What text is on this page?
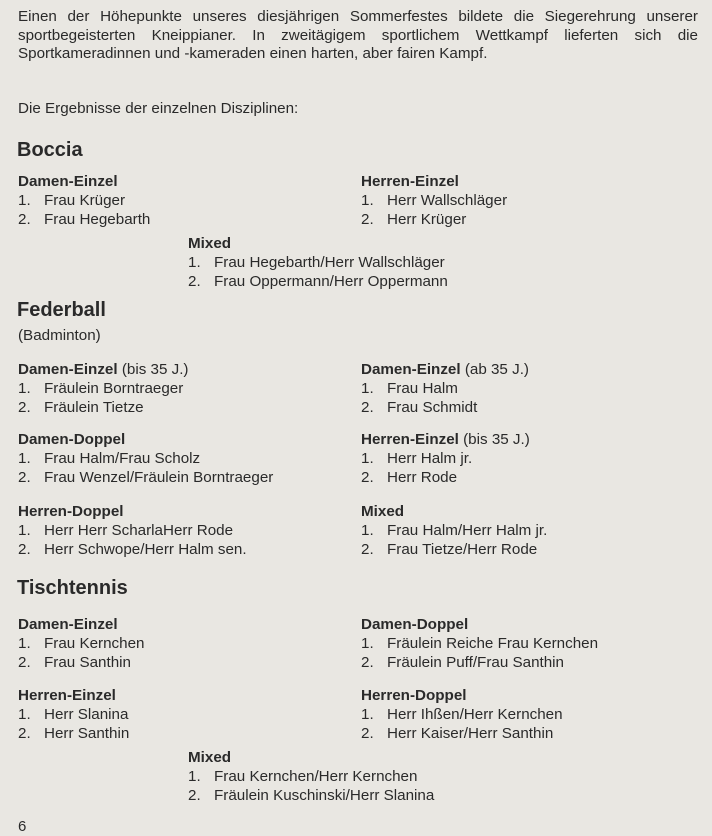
Einen der Höhepunkte unseres diesjährigen Sommerfestes bildete die Siegerehrung unserer sportbegeisterten Kneippianer. In zweitägigem sportlichem Wettkampf lieferten sich die Sportkameradinnen und -kameraden einen harten, aber fairen Kampf.

Die Ergebnisse der einzelnen Disziplinen:
Boccia
Damen-Einzel
1. Frau Krüger
2. Frau Hegebarth
Herren-Einzel
1. Herr Wallschläger
2. Herr Krüger
Mixed
1. Frau Hegebarth/Herr Wallschläger
2. Frau Oppermann/Herr Oppermann
Federball
(Badminton)
Damen-Einzel (bis 35 J.)
1. Fräulein Borntraeger
2. Fräulein Tietze
Damen-Einzel (ab 35 J.)
1. Frau Halm
2. Frau Schmidt
Damen-Doppel
1. Frau Halm/Frau Scholz
2. Frau Wenzel/Fräulein Borntraeger
Herren-Einzel (bis 35 J.)
1. Herr Halm jr.
2. Herr Rode
Herren-Doppel
1. Herr Herr ScharlaHerr Rode
2. Herr Schwope/Herr Halm sen.
Mixed
1. Frau Halm/Herr Halm jr.
2. Frau Tietze/Herr Rode
Tischtennis
Damen-Einzel
1. Frau Kernchen
2. Frau Santhin
Damen-Doppel
1. Fräulein Reiche Frau Kernchen
2. Fräulein Puff/Frau Santhin
Herren-Einzel
1. Herr Slanina
2. Herr Santhin
Herren-Doppel
1. Herr Ihßen/Herr Kernchen
2. Herr Kaiser/Herr Santhin
Mixed
1. Frau Kernchen/Herr Kernchen
2. Fräulein Kuschinski/Herr Slanina
6
